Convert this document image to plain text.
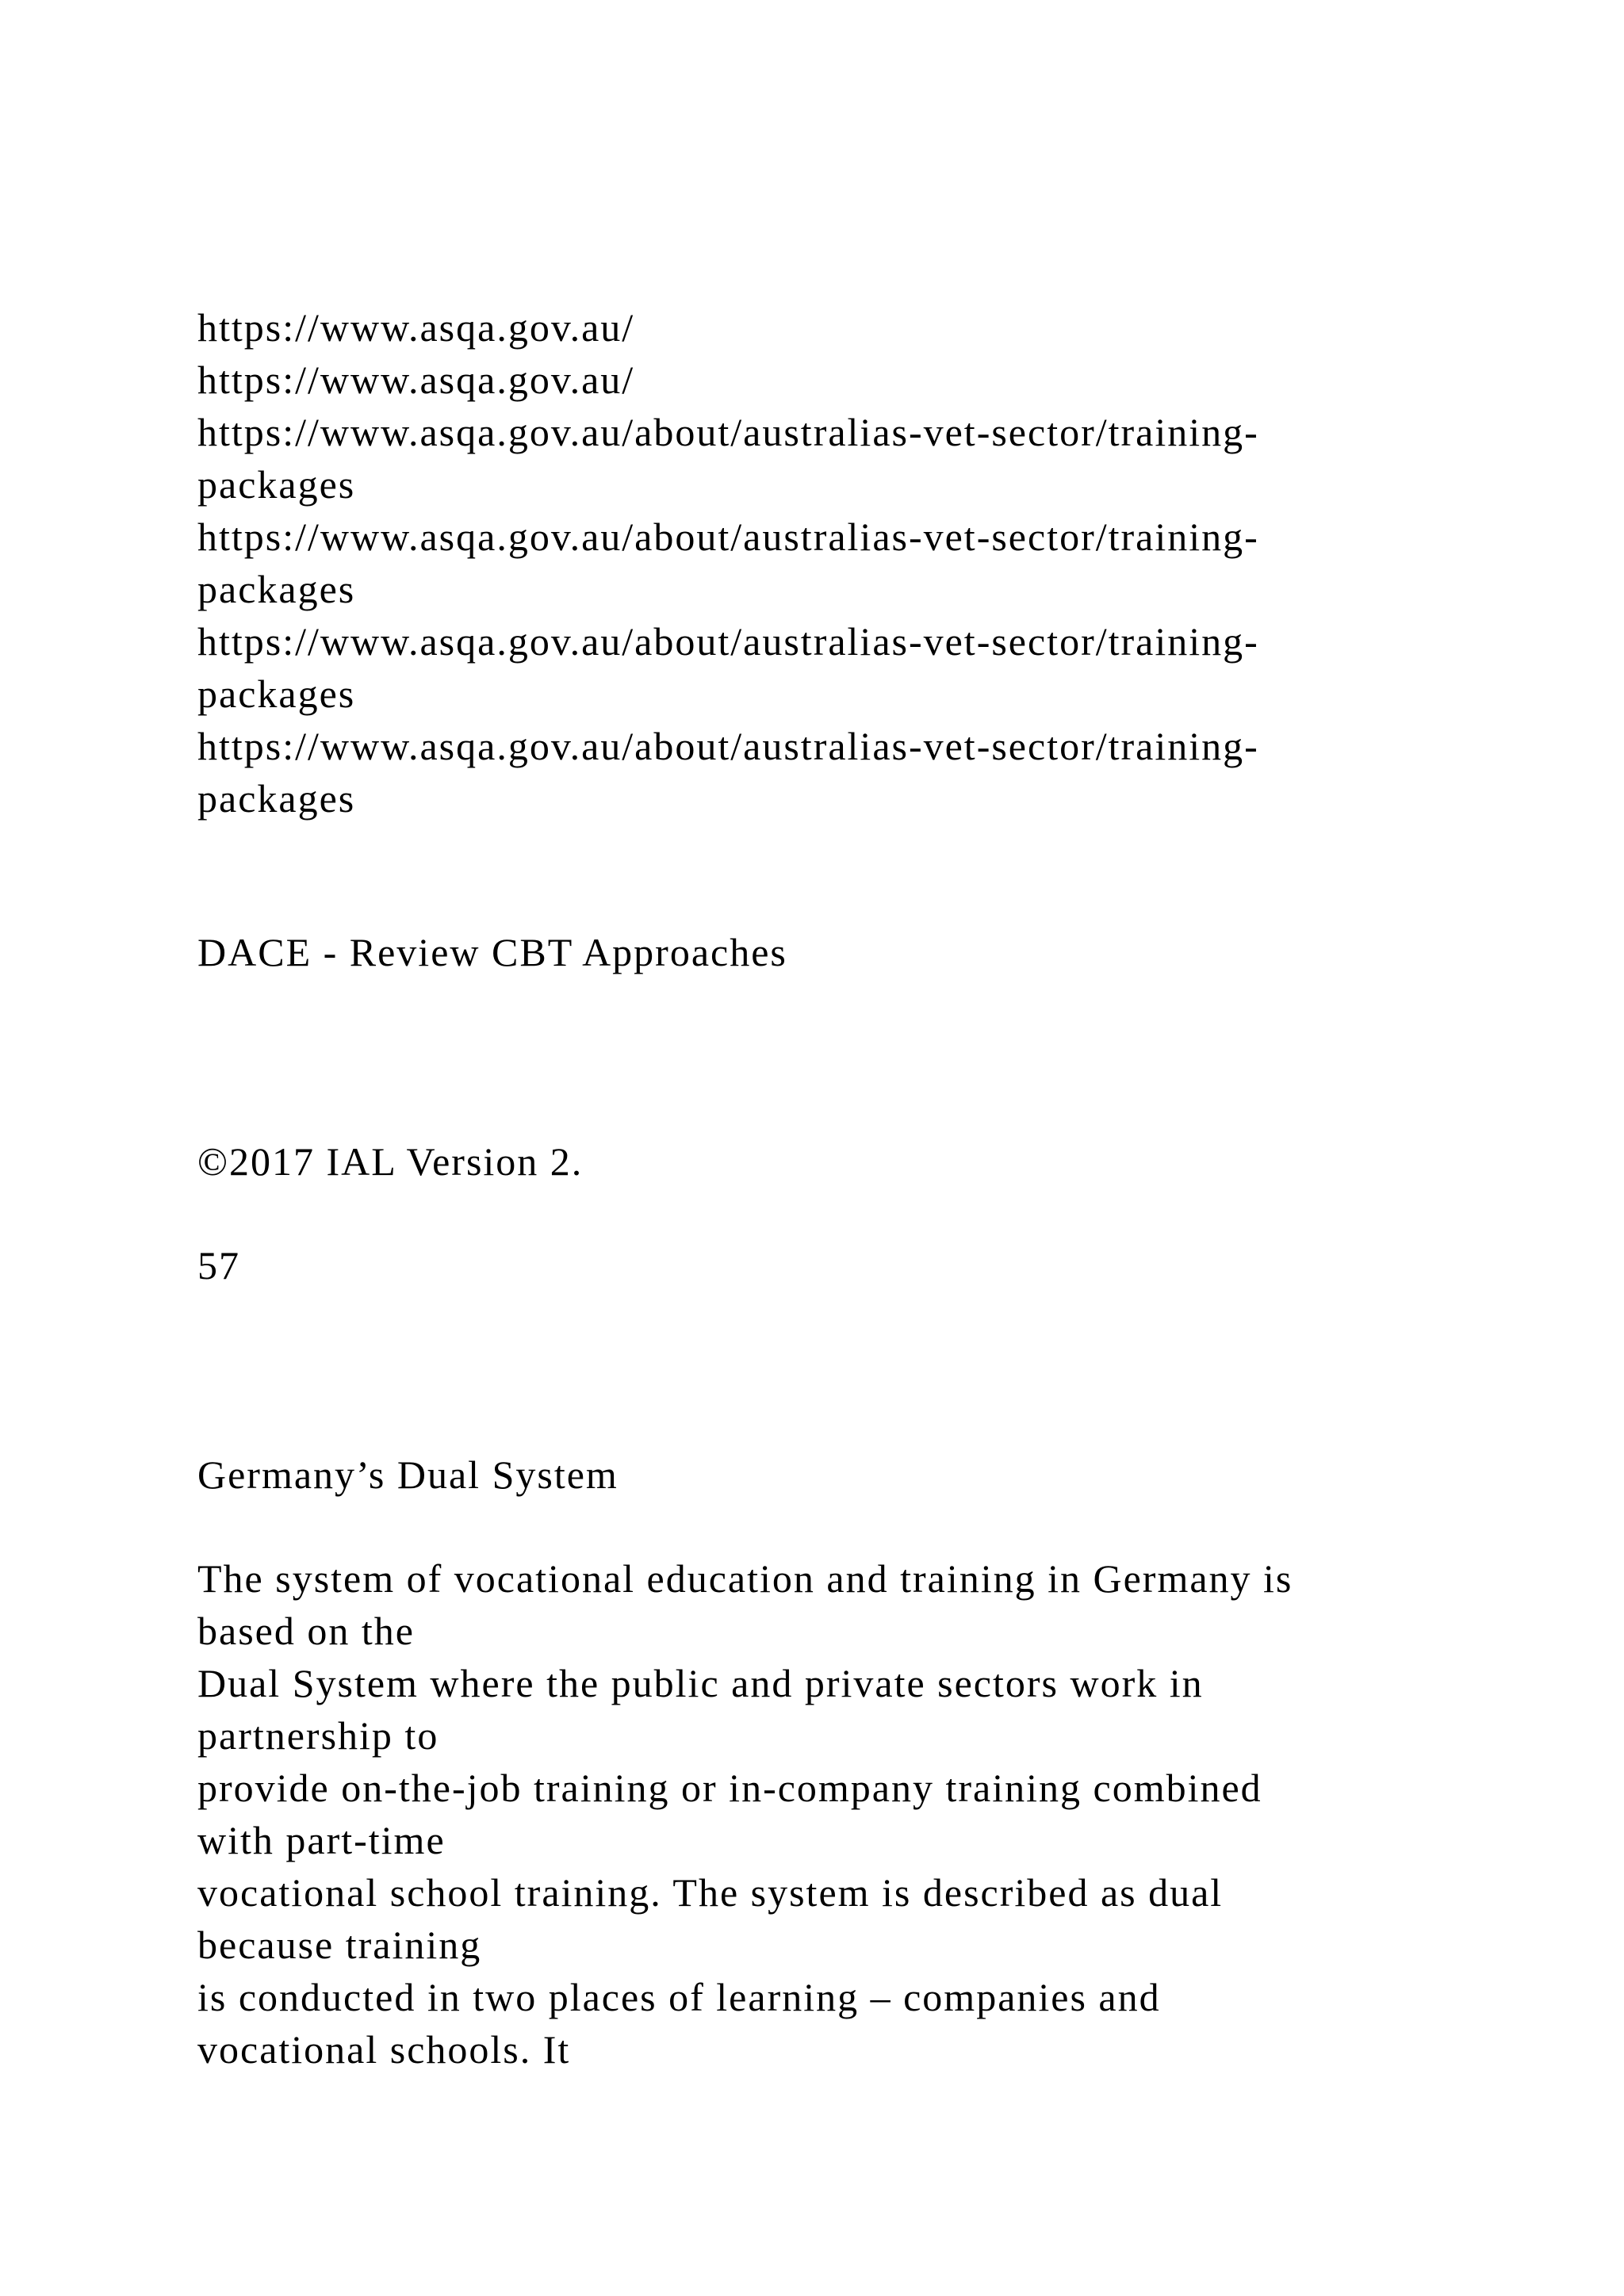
https://www.asqa.gov.au/
https://www.asqa.gov.au/
https://www.asqa.gov.au/about/australias-vet-sector/training-
packages
https://www.asqa.gov.au/about/australias-vet-sector/training-
packages
https://www.asqa.gov.au/about/australias-vet-sector/training-
packages
https://www.asqa.gov.au/about/australias-vet-sector/training-
packages

DACE - Review CBT Approaches

©2017 IAL Version 2.

57

Germany’s Dual System

The system of vocational education and training in Germany is
based on the
Dual System where the public and private sectors work in
partnership to
provide on-the-job training or in-company training combined
with part-time
vocational school training. The system is described as dual
because training
is conducted in two places of learning – companies and
vocational schools. It
